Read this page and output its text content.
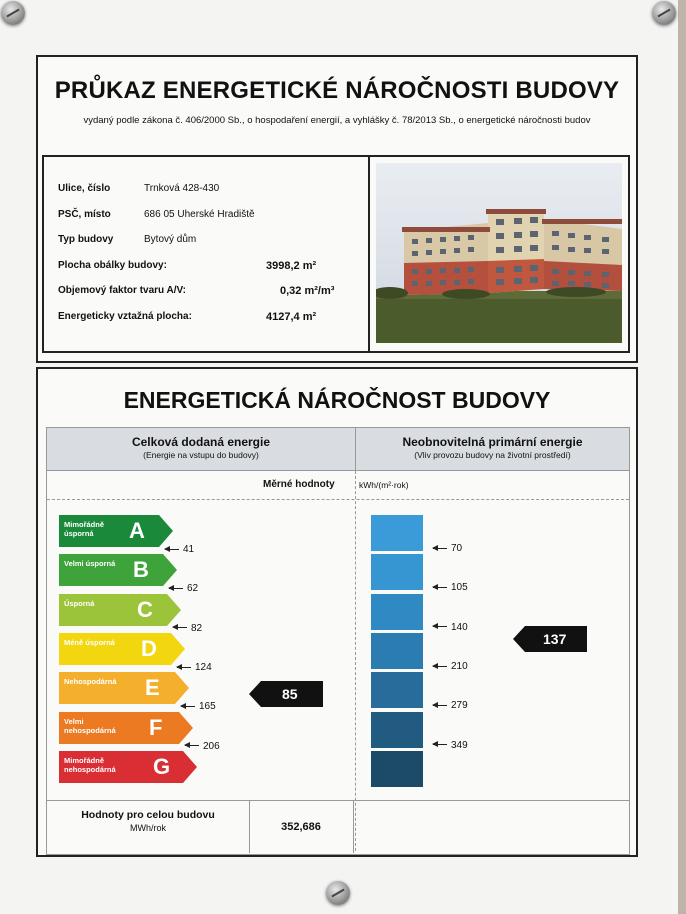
PRŮKAZ ENERGETICKÉ NÁROČNOSTI BUDOVY
vydaný podle zákona č. 406/2000 Sb., o hospodaření energií, a vyhlášky č. 78/2013 Sb., o energetické náročnosti budov
Ulice, číslo	Trnková 428-430
PSČ, místo	686 05 Uherské Hradiště
Typ budovy	Bytový dům
Plocha obálky budovy:	3998,2 m²
Objemový faktor tvaru A/V:	0,32 m²/m³
Energeticky vztažná plocha:	4127,4 m²
ENERGETICKÁ NÁROČNOST BUDOVY
Celková dodaná energie
(Energie na vstupu do budovy)
Neobnovitelná primární energie
(Vliv provozu budovy na životní prostředí)
Měrné hodnoty	kWh/(m²·rok)
Mimořádně úsporná	A
41
Velmi úsporná B
62
Úsporná	C
82
Méně úsporná	D
124
Nehospodárná	E
165
Velmi nehospodárná	F
206
Mimořádně nehospodárná	G
85
70
105
140
210
279
349
137
Hodnoty pro celou budovu
MWh/rok	352,686
